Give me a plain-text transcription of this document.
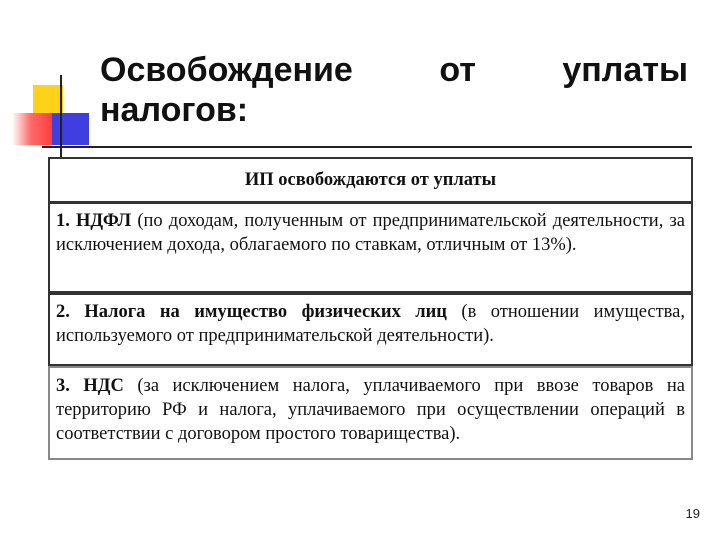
Освобождение	от	уплаты
налогов:
ИП освобождаются от уплаты
1. НДФЛ (по доходам, полученным от предпринимательской деятельности, за исключением дохода, облагаемого по ставкам, отличным от 13%).
2. Налога на имущество физических лиц (в отношении имущества, используемого от предпринимательской деятельности).
3. НДС (за исключением налога, уплачиваемого при ввозе товаров на территорию РФ и налога, уплачиваемого при осуществлении операций в соответствии с договором простого товарищества).
19
